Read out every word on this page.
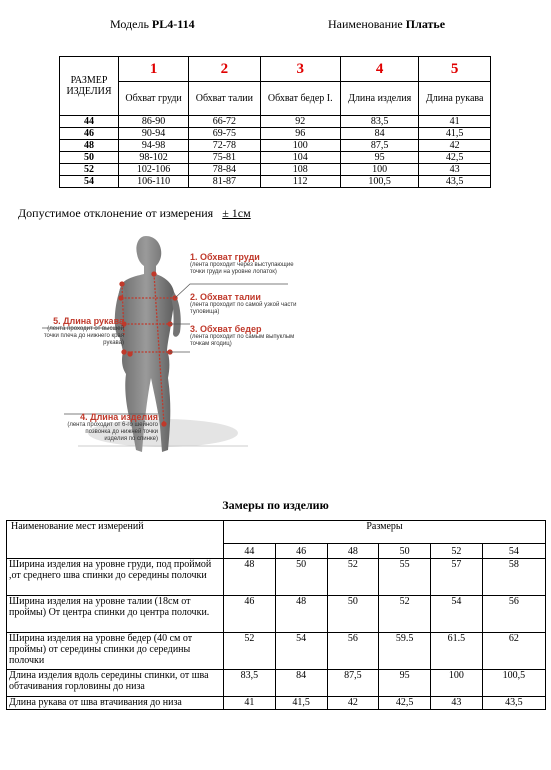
Модель PL4-114	Наименование Платье
РАЗМЕР ИЗДЕЛИЯ	1	2	3	4	5
	Обхват груди	Обхват талии	Обхват бедер I.	Длина изделия	Длина рукава
44	86-90	66-72	92	83,5	41
46	90-94	69-75	96	84	41,5
48	94-98	72-78	100	87,5	42
50	98-102	75-81	104	95	42,5
52	102-106	78-84	108	100	43
54	106-110	81-87	112	100,5	43,5
Допустимое отклонение от измерения ± 1см
1. Обхват груди
(лента проходит через выступающие точки груди на уровне лопаток)
2. Обхват талии
(лента проходит по самой узкой части туловища)
3. Обхват бедер
(лента проходит по самым выпуклым точкам ягодиц)
5. Длина рукава
(лента проходит от высшей точки плеча до нижнего края рукава)
4. Длина изделия
(лента проходит от 6-го шейного позвонка до нижней точки изделия по спинке)
Замеры по изделию
Наименование мест измерений	Размеры					
	44	46	48	50	52	54
Ширина изделия на уровне груди, под проймой ,от среднего шва спинки до середины полочки	48	50	52	55	57	58
Ширина изделия на уровне талии (18см от проймы) От центра спинки до центра полочки.	46	48	50	52	54	56
Ширина изделия на уровне бедер (40 см от проймы) от середины спинки до середины полочки	52	54	56	59.5	61.5	62
Длина изделия вдоль середины спинки, от шва обтачивания горловины до низа	83,5	84	87,5	95	100	100,5
Длина рукава от шва втачивания до низа	41	41,5	42	42,5	43	43,5
